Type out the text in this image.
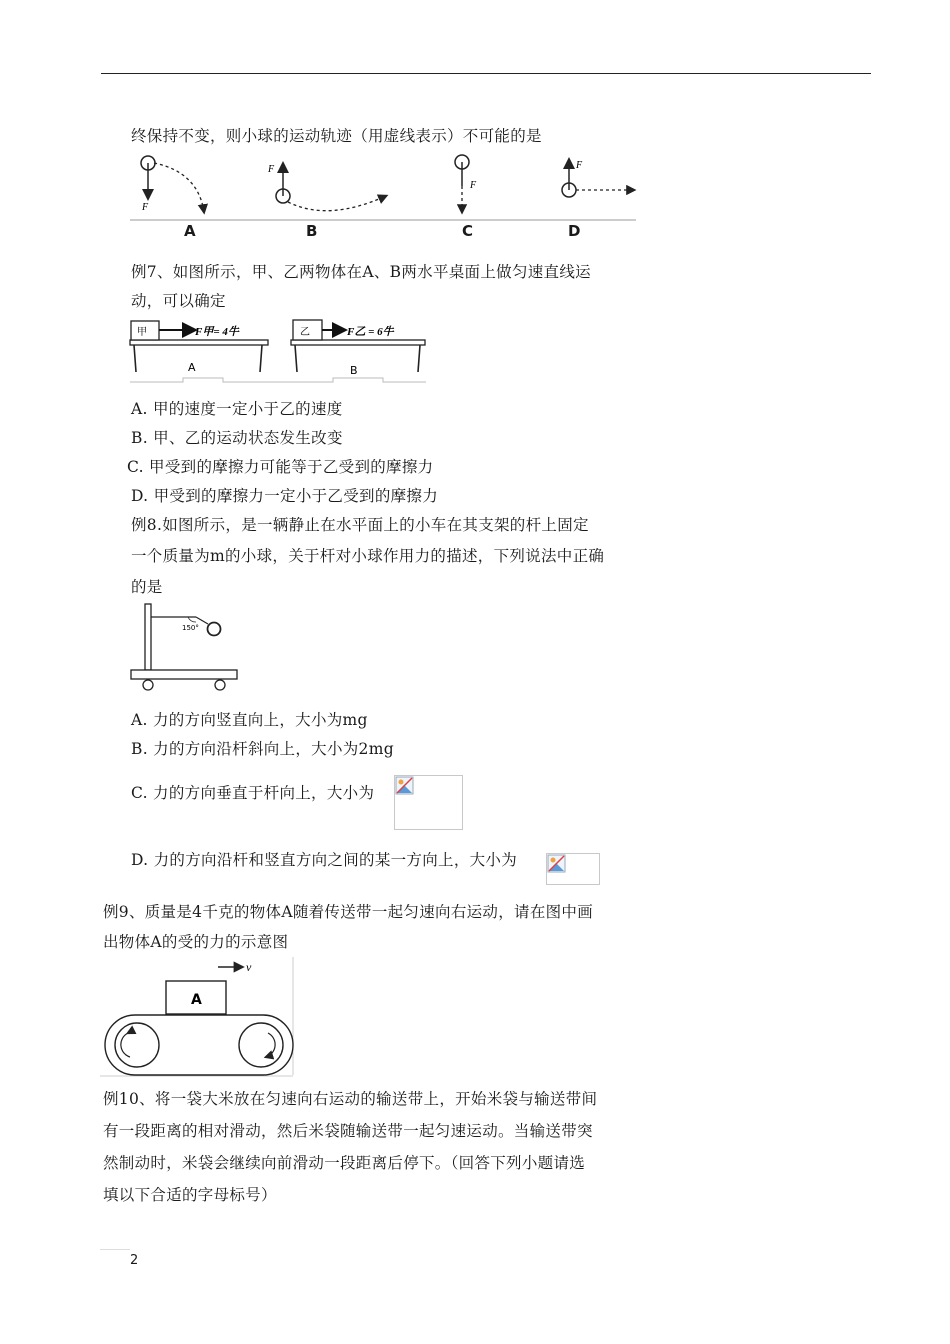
终保持不变，则小球的运动轨迹（用虚线表示）不可能的是
F
F
F
F
A	B	C	D
例7、如图所示，甲、乙两物体在A、B两水平桌面上做匀速直线运
动，可以确定
甲	乙
F甲= 4牛	F乙 = 6牛
A	B
A. 甲的速度一定小于乙的速度
B. 甲、乙的运动状态发生改变
C. 甲受到的摩擦力可能等于乙受到的摩擦力
D. 甲受到的摩擦力一定小于乙受到的摩擦力
例8.如图所示，是一辆静止在水平面上的小车在其支架的杆上固定
一个质量为m的小球，关于杆对小球作用力的描述，下列说法中正确
的是
150°
A. 力的方向竖直向上，大小为mg
B. 力的方向沿杆斜向上，大小为2mg
C. 力的方向垂直于杆向上，大小为
D. 力的方向沿杆和竖直方向之间的某一方向上，大小为
例9、质量是4千克的物体A随着传送带一起匀速向右运动，请在图中画
出物体A的受的力的示意图
v
A
例10、将一袋大米放在匀速向右运动的输送带上，开始米袋与输送带间
有一段距离的相对滑动，然后米袋随输送带一起匀速运动。当输送带突
然制动时，米袋会继续向前滑动一段距离后停下。（回答下列小题请选
填以下合适的字母标号）
2
